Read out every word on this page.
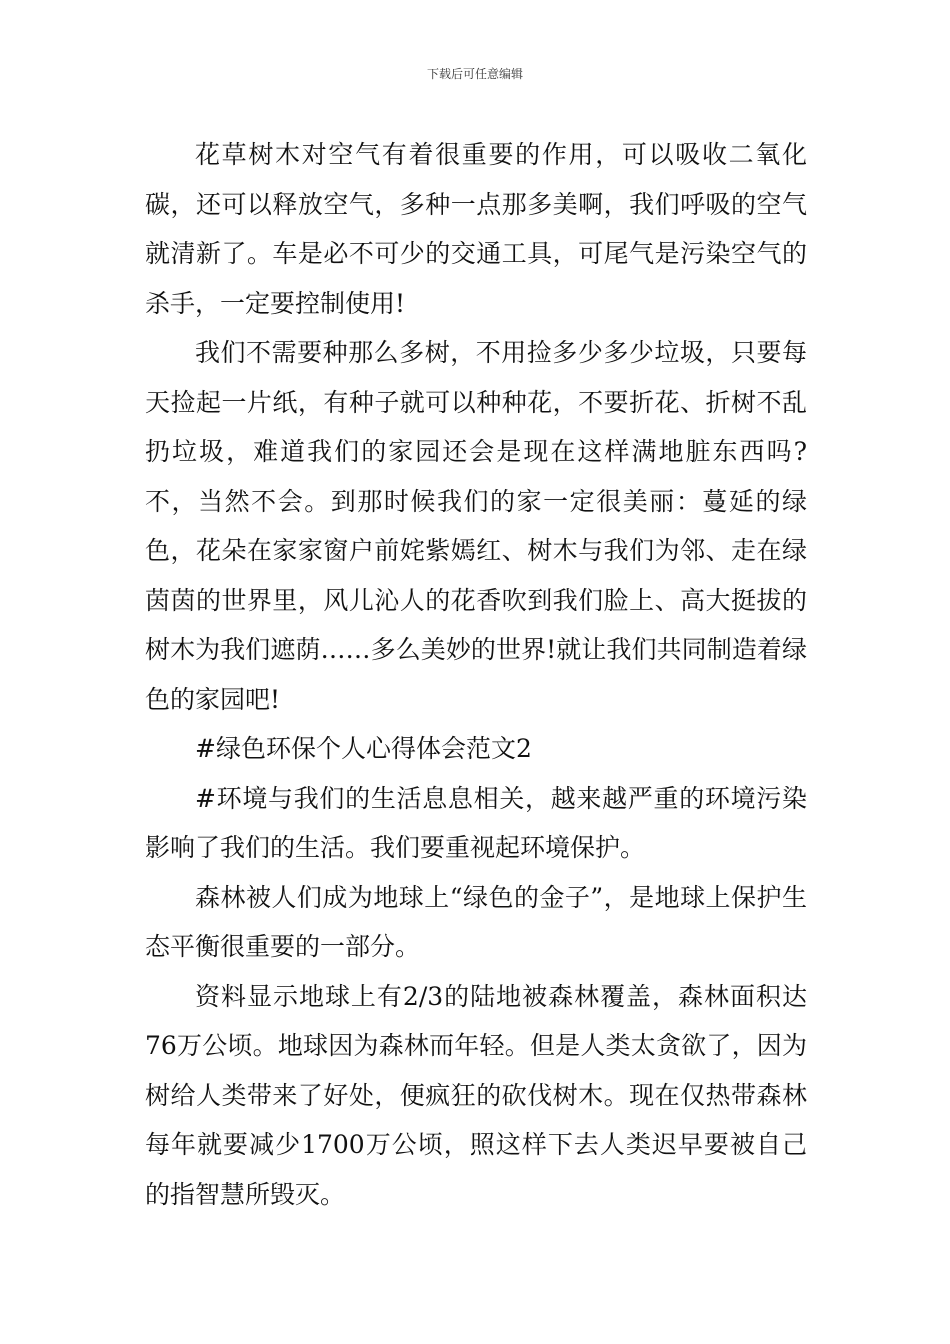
下载后可任意编辑

花草树木对空气有着很重要的作用，可以吸收二氧化碳，还可以释放空气，多种一点那多美啊，我们呼吸的空气就清新了。车是必不可少的交通工具，可尾气是污染空气的杀手，一定要控制使用!

我们不需要种那么多树，不用捡多少多少垃圾，只要每天捡起一片纸，有种子就可以种种花，不要折花、折树不乱扔垃圾，难道我们的家园还会是现在这样满地脏东西吗?不，当然不会。到那时候我们的家一定很美丽：蔓延的绿色，花朵在家家窗户前姹紫嫣红、树木与我们为邻、走在绿茵茵的世界里，风儿沁人的花香吹到我们脸上、高大挺拔的树木为我们遮荫……多么美妙的世界!就让我们共同制造着绿色的家园吧!

#绿色环保个人心得体会范文2

#环境与我们的生活息息相关，越来越严重的环境污染影响了我们的生活。我们要重视起环境保护。

森林被人们成为地球上“绿色的金子”，是地球上保护生态平衡很重要的一部分。

资料显示地球上有2/3的陆地被森林覆盖，森林面积达76万公顷。地球因为森林而年轻。但是人类太贪欲了，因为树给人类带来了好处，便疯狂的砍伐树木。现在仅热带森林每年就要减少1700万公顷，照这样下去人类迟早要被自己的指智慧所毁灭。
